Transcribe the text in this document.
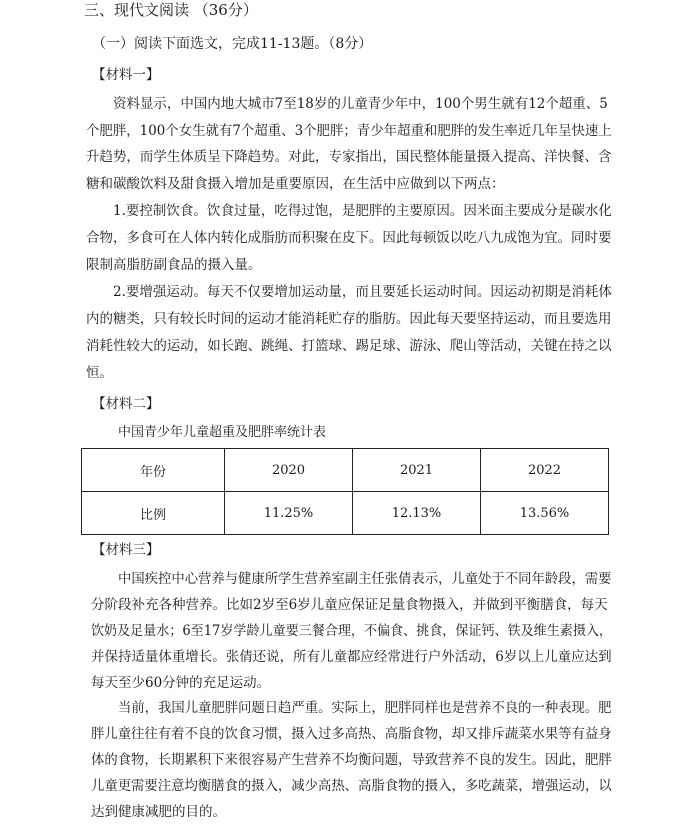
三、现代文阅读 （36分）
（一）阅读下面选文，完成11-13题。（8分）
【材料一】
资料显示，中国内地大城市7至18岁的儿童青少年中，100个男生就有12个超重、5
个肥胖，100个女生就有7个超重、3个肥胖；青少年超重和肥胖的发生率近几年呈快速上
升趋势，而学生体质呈下降趋势。对此，专家指出，国民整体能量摄入提高、洋快餐、含
糖和碳酸饮料及甜食摄入增加是重要原因，在生活中应做到以下两点：
1.要控制饮食。饮食过量，吃得过饱，是肥胖的主要原因。因米面主要成分是碳水化
合物，多食可在人体内转化成脂肪而积聚在皮下。因此每顿饭以吃八九成饱为宜。同时要
限制高脂肪副食品的摄入量。
2.要增强运动。每天不仅要增加运动量，而且要延长运动时间。因运动初期是消耗体
内的糖类，只有较长时间的运动才能消耗贮存的脂肪。因此每天要坚持运动，而且要选用
消耗性较大的运动，如长跑、跳绳、打篮球、踢足球、游泳、爬山等活动，关键在持之以
恒。
【材料二】
中国青少年儿童超重及肥胖率统计表
年份	2020	2021	2022
比例	11.25%	12.13%	13.56%
【材料三】
中国疾控中心营养与健康所学生营养室副主任张倩表示，儿童处于不同年龄段，需要
分阶段补充各种营养。比如2岁至6岁儿童应保证足量食物摄入，并做到平衡膳食，每天
饮奶及足量水；6至17岁学龄儿童要三餐合理，不偏食、挑食，保证钙、铁及维生素摄入，
并保持适量体重增长。张倩还说，所有儿童都应经常进行户外活动，6岁以上儿童应达到
每天至少60分钟的充足运动。
当前，我国儿童肥胖问题日趋严重。实际上，肥胖同样也是营养不良的一种表现。肥
胖儿童往往有着不良的饮食习惯，摄入过多高热、高脂食物，却又排斥蔬菜水果等有益身
体的食物，长期累积下来很容易产生营养不均衡问题，导致营养不良的发生。因此，肥胖
儿童更需要注意均衡膳食的摄入，减少高热、高脂食物的摄入，多吃蔬菜，增强运动，以
达到健康减肥的目的。
